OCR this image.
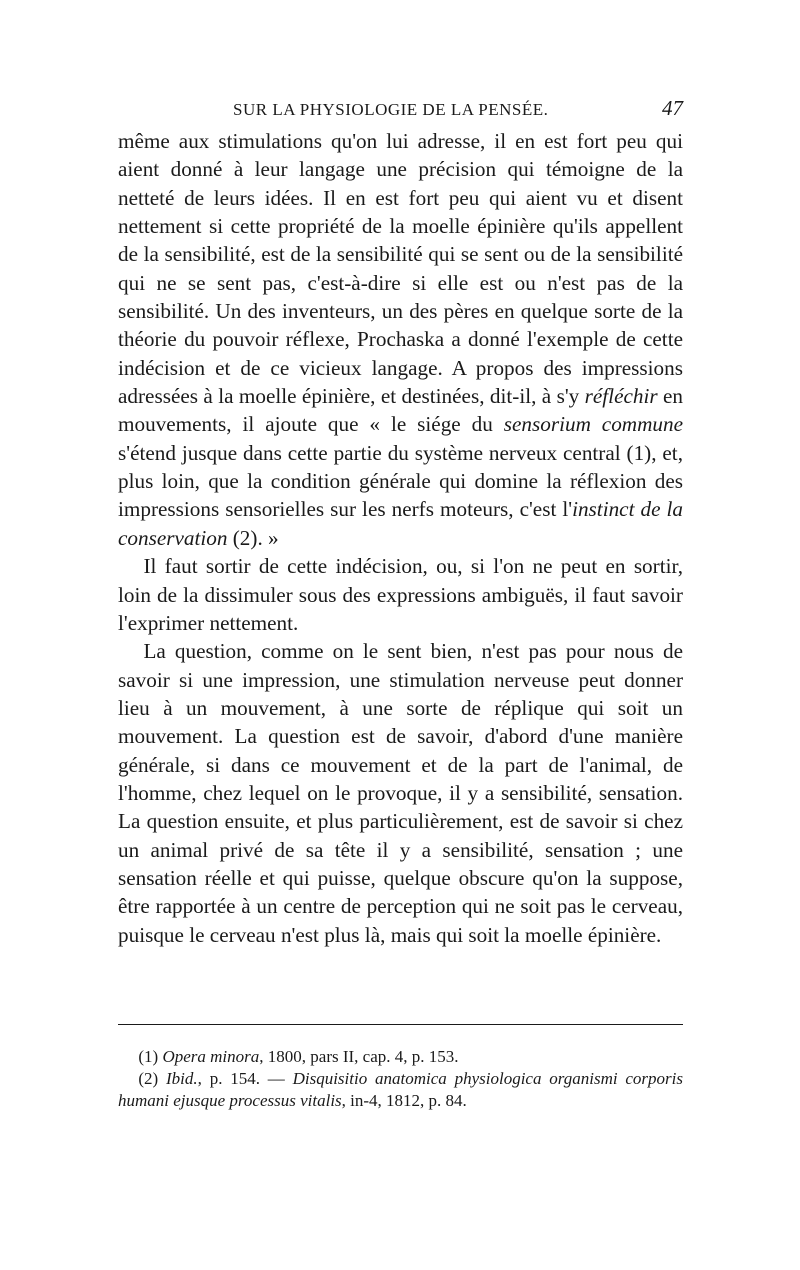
SUR LA PHYSIOLOGIE DE LA PENSÉE.	47

même aux stimulations qu'on lui adresse, il en est fort peu qui aient donné à leur langage une précision qui témoigne de la netteté de leurs idées. Il en est fort peu qui aient vu et disent nettement si cette propriété de la moelle épinière qu'ils appellent de la sensibilité, est de la sensibilité qui se sent ou de la sensibilité qui ne se sent pas, c'est-à-dire si elle est ou n'est pas de la sensibilité. Un des inventeurs, un des pères en quelque sorte de la théorie du pouvoir réflexe, Prochaska a donné l'exemple de cette indécision et de ce vicieux langage. A propos des impressions adressées à la moelle épinière, et destinées, dit-il, à s'y réfléchir en mouvements, il ajoute que « le siége du sensorium commune s'étend jusque dans cette partie du système nerveux central (1), et, plus loin, que la condition générale qui domine la réflexion des impressions sensorielles sur les nerfs moteurs, c'est l'instinct de la conservation (2). »

Il faut sortir de cette indécision, ou, si l'on ne peut en sortir, loin de la dissimuler sous des expressions ambiguës, il faut savoir l'exprimer nettement.

La question, comme on le sent bien, n'est pas pour nous de savoir si une impression, une stimulation nerveuse peut donner lieu à un mouvement, à une sorte de réplique qui soit un mouvement. La question est de savoir, d'abord d'une manière générale, si dans ce mouvement et de la part de l'animal, de l'homme, chez lequel on le provoque, il y a sensibilité, sensation. La question ensuite, et plus particulièrement, est de savoir si chez un animal privé de sa tête il y a sensibilité, sensation ; une sensation réelle et qui puisse, quelque obscure qu'on la suppose, être rapportée à un centre de perception qui ne soit pas le cerveau, puisque le cerveau n'est plus là, mais qui soit la moelle épinière.

(1) Opera minora, 1800, pars II, cap. 4, p. 153.

(2) Ibid., p. 154. — Disquisitio anatomica physiologica organismi corporis humani ejusque processus vitalis, in-4, 1812, p. 84.
